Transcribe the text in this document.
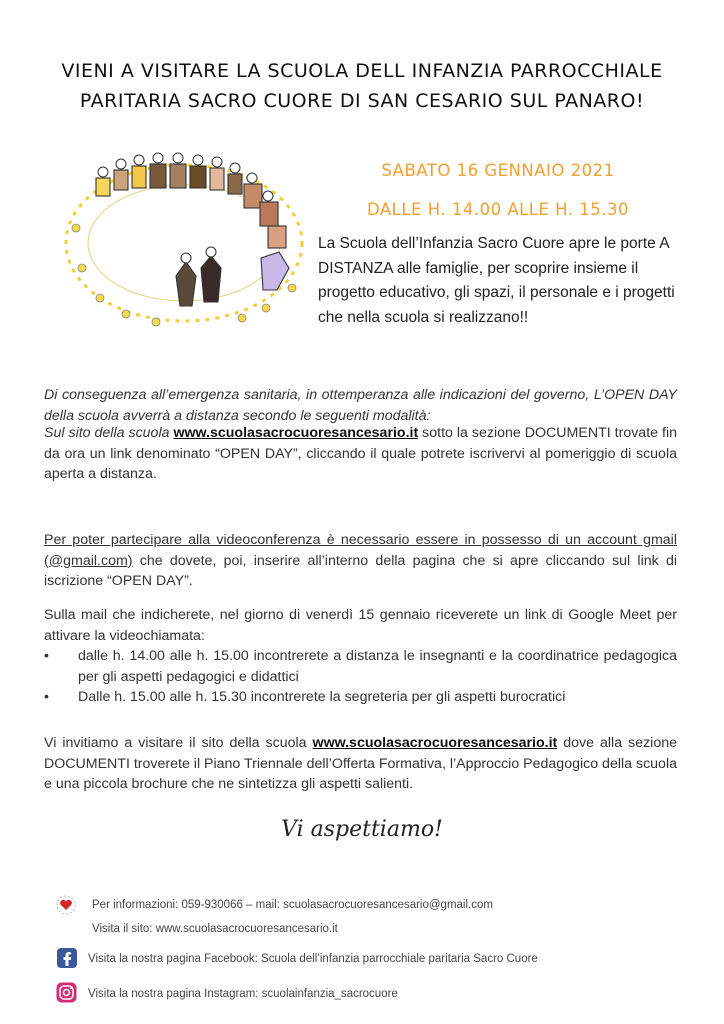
VIENI A VISITARE LA SCUOLA DELL INFANZIA PARROCCHIALE
PARITARIA SACRO CUORE DI SAN CESARIO SUL PANARO!
SABATO 16 GENNAIO 2021
DALLE H. 14.00 ALLE H. 15.30
La Scuola dell’Infanzia Sacro Cuore apre le porte A DISTANZA alle famiglie, per scoprire insieme il progetto educativo, gli spazi, il personale e i progetti che nella scuola si realizzano!!
Di conseguenza all’emergenza sanitaria, in ottemperanza alle indicazioni del governo, L’OPEN DAY della scuola avverrà a distanza secondo le seguenti modalità:
Sul sito della scuola www.scuolasacrocuoresancesario.it sotto la sezione DOCUMENTI trovate fin da ora un link denominato “OPEN DAY”, cliccando il quale potrete iscrivervi al pomeriggio di scuola aperta a distanza.
Per poter partecipare alla videoconferenza è necessario essere in possesso di un account gmail (@gmail.com) che dovete, poi, inserire all’interno della pagina che si apre cliccando sul link di iscrizione “OPEN DAY”.
Sulla mail che indicherete, nel giorno di venerdì 15 gennaio riceverete un link di Google Meet per attivare la videochiamata:
• dalle h. 14.00 alle h. 15.00 incontrerete a distanza le insegnanti e la coordinatrice pedagogica per gli aspetti pedagogici e didattici
• Dalle h. 15.00 alle h. 15.30 incontrerete la segreteria per gli aspetti burocratici
Vi invitiamo a visitare il sito della scuola www.scuolasacrocuoresancesario.it dove alla sezione DOCUMENTI troverete il Piano Triennale dell’Offerta Formativa, l’Approccio Pedagogico della scuola e una piccola brochure che ne sintetizza gli aspetti salienti.
Vi aspettiamo!
Per informazioni: 059-930066 – mail: scuolasacrocuoresancesario@gmail.com
Visita il sito: www.scuolasacrocuoresancesario.it
Visita la nostra pagina Facebook: Scuola dell’infanzia parrocchiale paritaria Sacro Cuore
Visita la nostra pagina Instagram: scuolainfanzia_sacrocuore
